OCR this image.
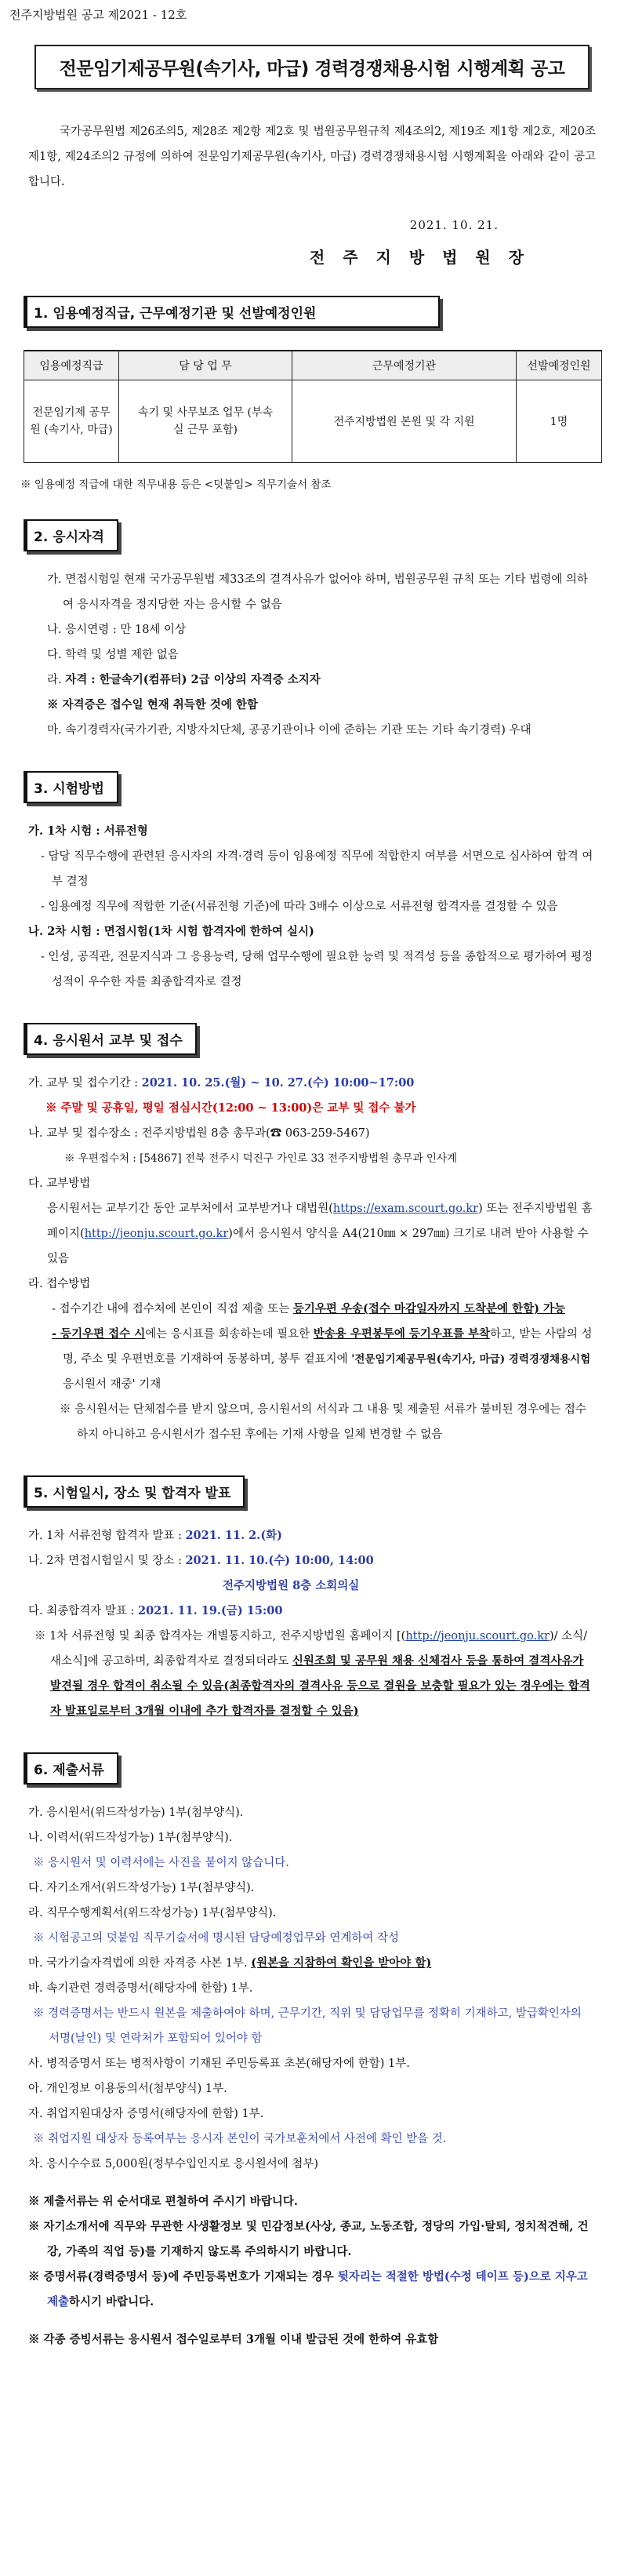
전주지방법원 공고 제2021 - 12호
전문임기제공무원(속기사, 마급) 경력경쟁채용시험 시행계획 공고
국가공무원법 제26조의5, 제28조 제2항 제2호 및 법원공무원규칙 제4조의2, 제19조 제1항 제2호, 제20조 제1항, 제24조의2 규정에 의하여 전문임기제공무원(속기사, 마급) 경력경쟁채용시험 시행계획을 아래와 같이 공고합니다.
2021. 10. 21.
전 주 지 방 법 원 장
1. 임용예정직급, 근무예정기관 및 선발예정인원
임용예정직급	담 당 업 무	근무예정기관	선발예정인원
전문임기제 공무원 (속기사, 마급)	속기 및 사무보조 업무 (부속실 근무 포함)	전주지방법원 본원 및 각 지원	1명
※ 임용예정 직급에 대한 직무내용 등은 <덧붙임> 직무기술서 참조
2. 응시자격
가. 면접시험일 현재 국가공무원법 제33조의 결격사유가 없어야 하며, 법원공무원 규칙 또는 기타 법령에 의하여 응시자격을 정지당한 자는 응시할 수 없음
나. 응시연령 : 만 18세 이상
다. 학력 및 성별 제한 없음
라. 자격 : 한글속기(컴퓨터) 2급 이상의 자격증 소지자
※ 자격증은 접수일 현재 취득한 것에 한함
마. 속기경력자(국가기관, 지방자치단체, 공공기관이나 이에 준하는 기관 또는 기타 속기경력) 우대
3. 시험방법
가. 1차 시험 : 서류전형
- 담당 직무수행에 관련된 응시자의 자격·경력 등이 임용예정 직무에 적합한지 여부를 서면으로 심사하여 합격 여부 결정
- 임용예정 직무에 적합한 기준(서류전형 기준)에 따라 3배수 이상으로 서류전형 합격자를 결정할 수 있음
나. 2차 시험 : 면접시험(1차 시험 합격자에 한하여 실시)
- 인성, 공직관, 전문지식과 그 응용능력, 당해 업무수행에 필요한 능력 및 적격성 등을 종합적으로 평가하여 평정 성적이 우수한 자를 최종합격자로 결정
4. 응시원서 교부 및 접수
가. 교부 및 접수기간 : 2021. 10. 25.(월) ~ 10. 27.(수) 10:00~17:00
※ 주말 및 공휴일, 평일 점심시간(12:00 ~ 13:00)은 교부 및 접수 불가
나. 교부 및 접수장소 : 전주지방법원 8층 총무과(☎ 063-259-5467)
※ 우편접수처 : [54867] 전북 전주시 덕진구 가인로 33 전주지방법원 총무과 인사계
다. 교부방법
응시원서는 교부기간 동안 교부처에서 교부받거나 대법원(https://exam.scourt.go.kr) 또는 전주지방법원 홈페이지(http://jeonju.scourt.go.kr)에서 응시원서 양식을 A4(210㎜ × 297㎜) 크기로 내려 받아 사용할 수 있음
라. 접수방법
- 접수기간 내에 접수처에 본인이 직접 제출 또는 등기우편 우송(접수 마감일자까지 도착분에 한함) 가능
- 등기우편 접수 시에는 응시표를 회송하는데 필요한 반송용 우편봉투에 등기우표를 부착하고, 받는 사람의 성명, 주소 및 우편번호를 기재하여 동봉하며, 봉투 겉표지에 '전문임기제공무원(속기사, 마급) 경력경쟁채용시험 응시원서 재중' 기재
※ 응시원서는 단체접수를 받지 않으며, 응시원서의 서식과 그 내용 및 제출된 서류가 불비된 경우에는 접수하지 아니하고 응시원서가 접수된 후에는 기재 사항을 일체 변경할 수 없음
5. 시험일시, 장소 및 합격자 발표
가. 1차 서류전형 합격자 발표 : 2021. 11. 2.(화)
나. 2차 면접시험일시 및 장소 : 2021. 11. 10.(수) 10:00, 14:00
전주지방법원 8층 소회의실
다. 최종합격자 발표 : 2021. 11. 19.(금) 15:00
※ 1차 서류전형 및 최종 합격자는 개별통지하고, 전주지방법원 홈페이지 [(http://jeonju.scourt.go.kr)/ 소식/새소식]에 공고하며, 최종합격자로 결정되더라도 신원조회 및 공무원 채용 신체검사 등을 통하여 결격사유가 발견될 경우 합격이 취소될 수 있음(최종합격자의 결격사유 등으로 결원을 보충할 필요가 있는 경우에는 합격자 발표일로부터 3개월 이내에 추가 합격자를 결정할 수 있음)
6. 제출서류
가. 응시원서(위드작성가능) 1부(첨부양식).
나. 이력서(위드작성가능) 1부(첨부양식).
※ 응시원서 및 이력서에는 사진을 붙이지 않습니다.
다. 자기소개서(위드작성가능) 1부(첨부양식).
라. 직무수행계획서(위드작성가능) 1부(첨부양식).
※ 시험공고의 덧붙임 직무기술서에 명시된 담당예정업무와 연계하여 작성
마. 국가기술자격법에 의한 자격증 사본 1부. (원본을 지참하여 확인을 받아야 함)
바. 속기관련 경력증명서(해당자에 한함) 1부.
※ 경력증명서는 반드시 원본을 제출하여야 하며, 근무기간, 직위 및 담당업무를 정확히 기재하고, 발급확인자의 서명(날인) 및 연락처가 포함되어 있어야 함
사. 병적증명서 또는 병적사항이 기재된 주민등록표 초본(해당자에 한함) 1부.
아. 개인정보 이용동의서(첨부양식) 1부.
자. 취업지원대상자 증명서(해당자에 한함) 1부.
※ 취업지원 대상자 등록여부는 응시자 본인이 국가보훈처에서 사전에 확인 받을 것.
차. 응시수수료 5,000원(정부수입인지로 응시원서에 첨부)
※ 제출서류는 위 순서대로 편철하여 주시기 바랍니다.
※ 자기소개서에 직무와 무관한 사생활정보 및 민감정보(사상, 종교, 노동조합, 정당의 가입·탈퇴, 정치적견해, 건강, 가족의 직업 등)를 기재하지 않도록 주의하시기 바랍니다.
※ 증명서류(경력증명서 등)에 주민등록번호가 기재되는 경우 뒷자리는 적절한 방법(수정 테이프 등)으로 지우고 제출하시기 바랍니다.
※ 각종 증빙서류는 응시원서 접수일로부터 3개월 이내 발급된 것에 한하여 유효함
